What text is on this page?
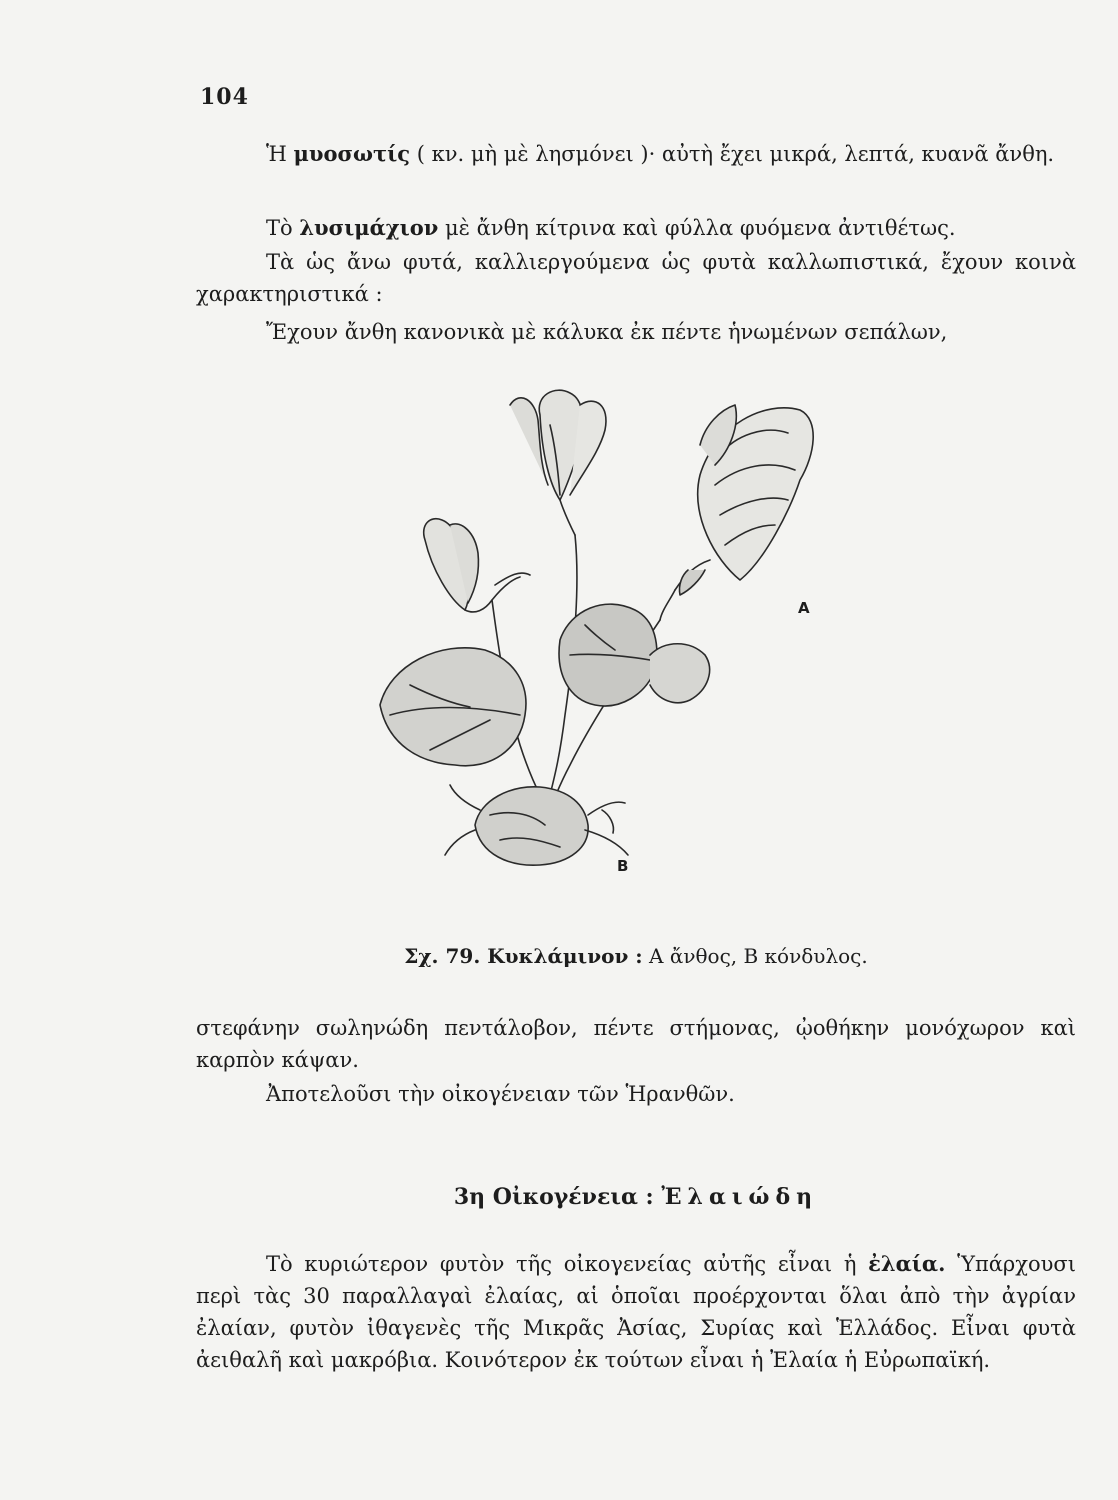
104

Ἡ μυοσωτίς ( κν. μὴ μὲ λησμόνει )· αὐτὴ ἔχει μικρά, λεπτά, κυανᾶ ἄνθη.

Τὸ λυσιμάχιον μὲ ἄνθη κίτρινα καὶ φύλλα φυόμενα ἀντιθέτως.

Τὰ ὡς ἄνω φυτά, καλλιεργούμενα ὡς φυτὰ καλλωπιστικά, ἔχουν κοινὰ χαρακτηριστικά :

Ἔχουν ἄνθη κανονικὰ μὲ κάλυκα ἐκ πέντε ἡνωμένων σεπάλων,

A
B
Σχ. 79. Κυκλάμινον : A ἄνθος, B κόνδυλος.

στεφάνην σωληνώδη πεντάλοβον, πέντε στήμονας, ᾠοθήκην μονόχωρον καὶ καρπὸν κάψαν.

Ἀποτελοῦσι τὴν οἰκογένειαν τῶν Ἡρανθῶν.

3η Οἰκογένεια : Ἐλαιώδη

Τὸ κυριώτερον φυτὸν τῆς οἰκογενείας αὐτῆς εἶναι ἡ ἐλαία. Ὑπάρχουσι περὶ τὰς 30 παραλλαγαὶ ἐλαίας, αἱ ὁποῖαι προέρχονται ὅλαι ἀπὸ τὴν ἀγρίαν ἐλαίαν, φυτὸν ἰθαγενὲς τῆς Μικρᾶς Ἀσίας, Συρίας καὶ Ἑλλάδος. Εἶναι φυτὰ ἀειθαλῆ καὶ μακρόβια. Κοινότερον ἐκ τούτων εἶναι ἡ Ἐλαία ἡ Εὐρωπαϊκή.
